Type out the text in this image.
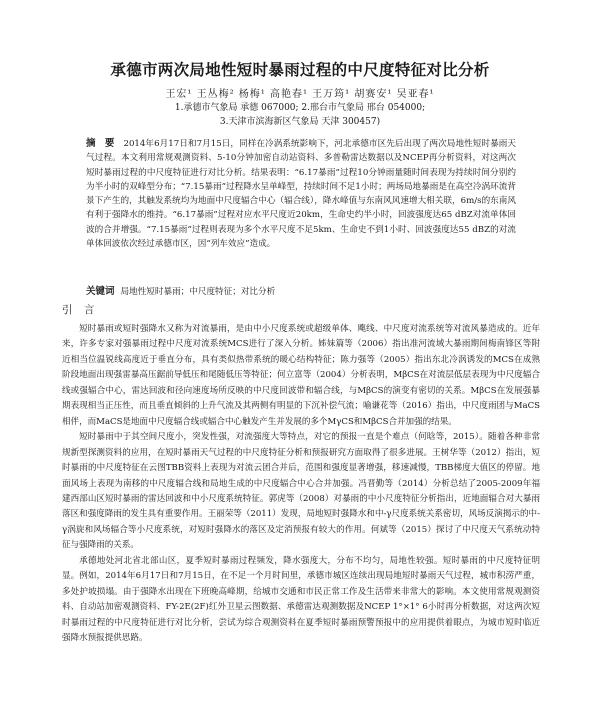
承德市两次局地性短时暴雨过程的中尺度特征对比分析
王宏¹ 王丛梅² 杨梅¹ 高艳春¹ 王万筠¹ 胡赛安¹ 吴亚春¹
1.承德市气象局 承德 067000; 2.邢台市气象局 邢台 054000;
3.天津市滨海新区气象局 天津 300457)
摘 要 2014年6月17日和7月15日，同样在冷涡系统影响下，河北承德市区先后出现了两次局地性短时暴雨天气过程。本文利用常规观测资料、5-10分钟加密自动站资料、多普勒雷达数据以及NCEP再分析资料，对这两次短时暴雨过程的中尺度特征进行对比分析。结果表明：“6.17暴雨”过程10分钟雨量随时间表现为持续时间分别约为半小时的双峰型分布；“7.15暴雨”过程降水呈单峰型，持续时间不足1小时；两场局地暴雨是在高空冷涡环流背景下产生的，其触发系统均为地面中尺度辐合中心（辐合线），降水峰值与东南风风速增大相关联，6m/s的东南风有利于强降水的维持。“6.17暴雨”过程对应水平尺度近20km，生命史约半小时，回波强度达65 dBZ对流单体回波的合并增强。“7.15暴雨”过程则表现为多个水平尺度不足5km、生命史不到1小时、回波强度达55 dBZ的对流单体回波依次经过承德市区，因“列车效应”造成。
关键词 局地性短时暴雨；中尺度特征；对比分析
引 言

短时暴雨或短时强降水又称为对流暴雨，是由中小尺度系统或超级单体、飑线、中尺度对流系统等对流风暴造成的。近年来，许多专家对强暴雨过程中尺度对流系统MCS进行了深入分析。姊妹篇等（2006）指出准河流域大暴雨期间梅南锋区等附近相当位温锐线高度近于垂直分布，具有类似热带系统的暖心结构特征；陈力强等（2005）指出东北冷涡诱发的MCS在成熟阶段地面出现强雷暴高压鋸前导低压和尾随低压等特征；何立富等（2004）分析表明，MβCS在对流层低层表现为中尺度辐合线或强辐合中心，雷达回波和径向速度场所反映的中尺度回波带和辐合线，与MβCS的演变有密切的关系。MβCS在发展强暴期表现相当正压性，而且垂直倾斜的上升气流及其两侧有明显的下沉补偿气流；喻谦花等（2016）指出，中尺度雨团与MaCS相伴，而MaCS是地面中尺度辐合线或辐合中心触发产生并发展的多个MγCS和MβCS合并加强的结果。

短时暴雨中于其空间尺度小，突发性强，对流强度大等特点，对它的预报一直是个难点（何晗等，2015）。随着各种非常规新型探测资料的应用，在短时暴雨天气过程的中尺度特征分析和预报研究方面取得了很多进展。王树华等（2012）指出，短时暴雨的中尺度特征在云图TBB资料上表现为对流云团合并后，范围和强度显著增强，移速减慢，TBB梯度大值区的停留。地面风场上表现为南移的中尺度辐合线和局地生成的中尺度辐合中心合并加强。冯晋勤等（2014）分析总结了2005-2009年福建西部山区短时暴雨的雷达回波和中小尺度系统特征。郭虎等（2008）对暴雨的中小尺度特征分析指出，近地面辐合对大暴雨落区和强度降雨的发生具有重要作用。王丽荣等（2011）发现，局地短时强降水和中-γ尺度系统关系密切，风场反演揭示的中-γ涡旋和风场辐合等小尺度系统，对短时强降水的落区及定消预报有较大的作用。何斌等（2015）探讨了中尺度天气系统动特征与强降雨的关系。

承德地处河北省北部山区，夏季短时暴雨过程频发，降水强度大，分布不均匀，局地性较强。短时暴雨的中尺度特征明显。例如，2014年6月17日和7月15日，在不足一个月时间里，承德市城区连续出现局地短时暴雨天气过程，城市积涝严重，多处护坡损塌。由于强降水出现在下班晚高峰期，给城市交通和市民正常工作及生活带来非常大的影响。本文使用常规观测资料、自动站加密观测资料、FY-2E(2F)红外卫星云图数据、承德雷达观测数据及NCEP 1°×1° 6小时再分析数据，对这两次短时暴雨过程的中尺度特征进行对比分析，尝试为综合观测资料在夏季短时暴雨预警预报中的应用提供着眼点，为城市短时临近强降水预报提供思路。
